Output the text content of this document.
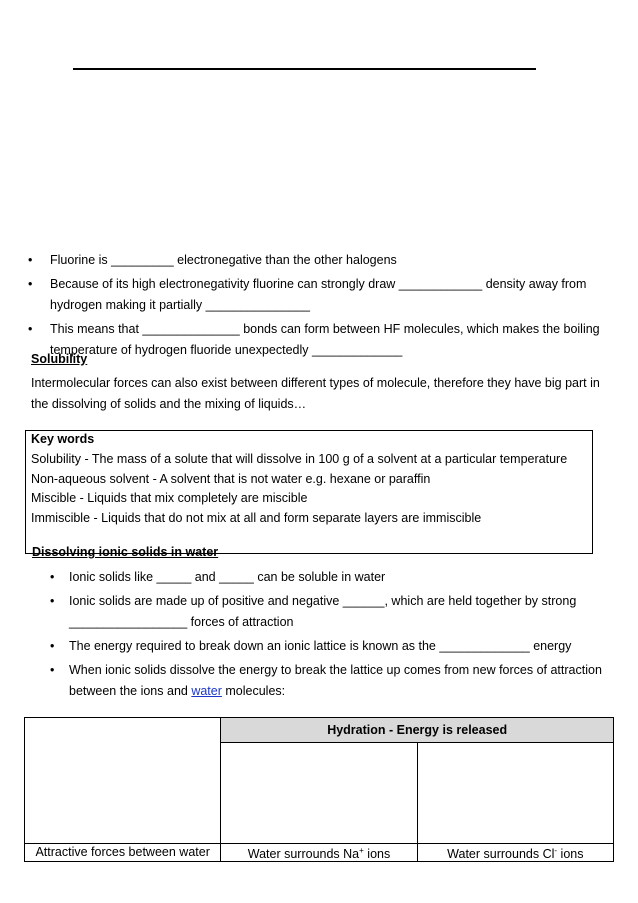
• Fluorine is _________ electronegative than the other halogens
• Because of its high electronegativity fluorine can strongly draw ____________ density away from hydrogen making it partially _______________
• This means that ______________ bonds can form between HF molecules, which makes the boiling temperature of hydrogen fluoride unexpectedly _____________
Solubility
Intermolecular forces can also exist between different types of molecule, therefore they have big part in the dissolving of solids and the mixing of liquids…
Key words
Solubility - The mass of a solute that will dissolve in 100 g of a solvent at a particular temperature
Non-aqueous solvent - A solvent that is not water e.g. hexane or paraffin
Miscible - Liquids that mix completely are miscible
Immiscible - Liquids that do not mix at all and form separate layers are immiscible
Dissolving ionic solids in water
• Ionic solids like _____ and _____ can be soluble in water
• Ionic solids are made up of positive and negative ______, which are held together by strong _________________ forces of attraction
• The energy required to break down an ionic lattice is known as the _____________ energy
• When ionic solids dissolve the energy to break the lattice up comes from new forces of attraction between the ions and water molecules:
	Hydration - Energy is released	

Attractive forces between water	Water surrounds Na+ ions	Water surrounds Cl- ions
